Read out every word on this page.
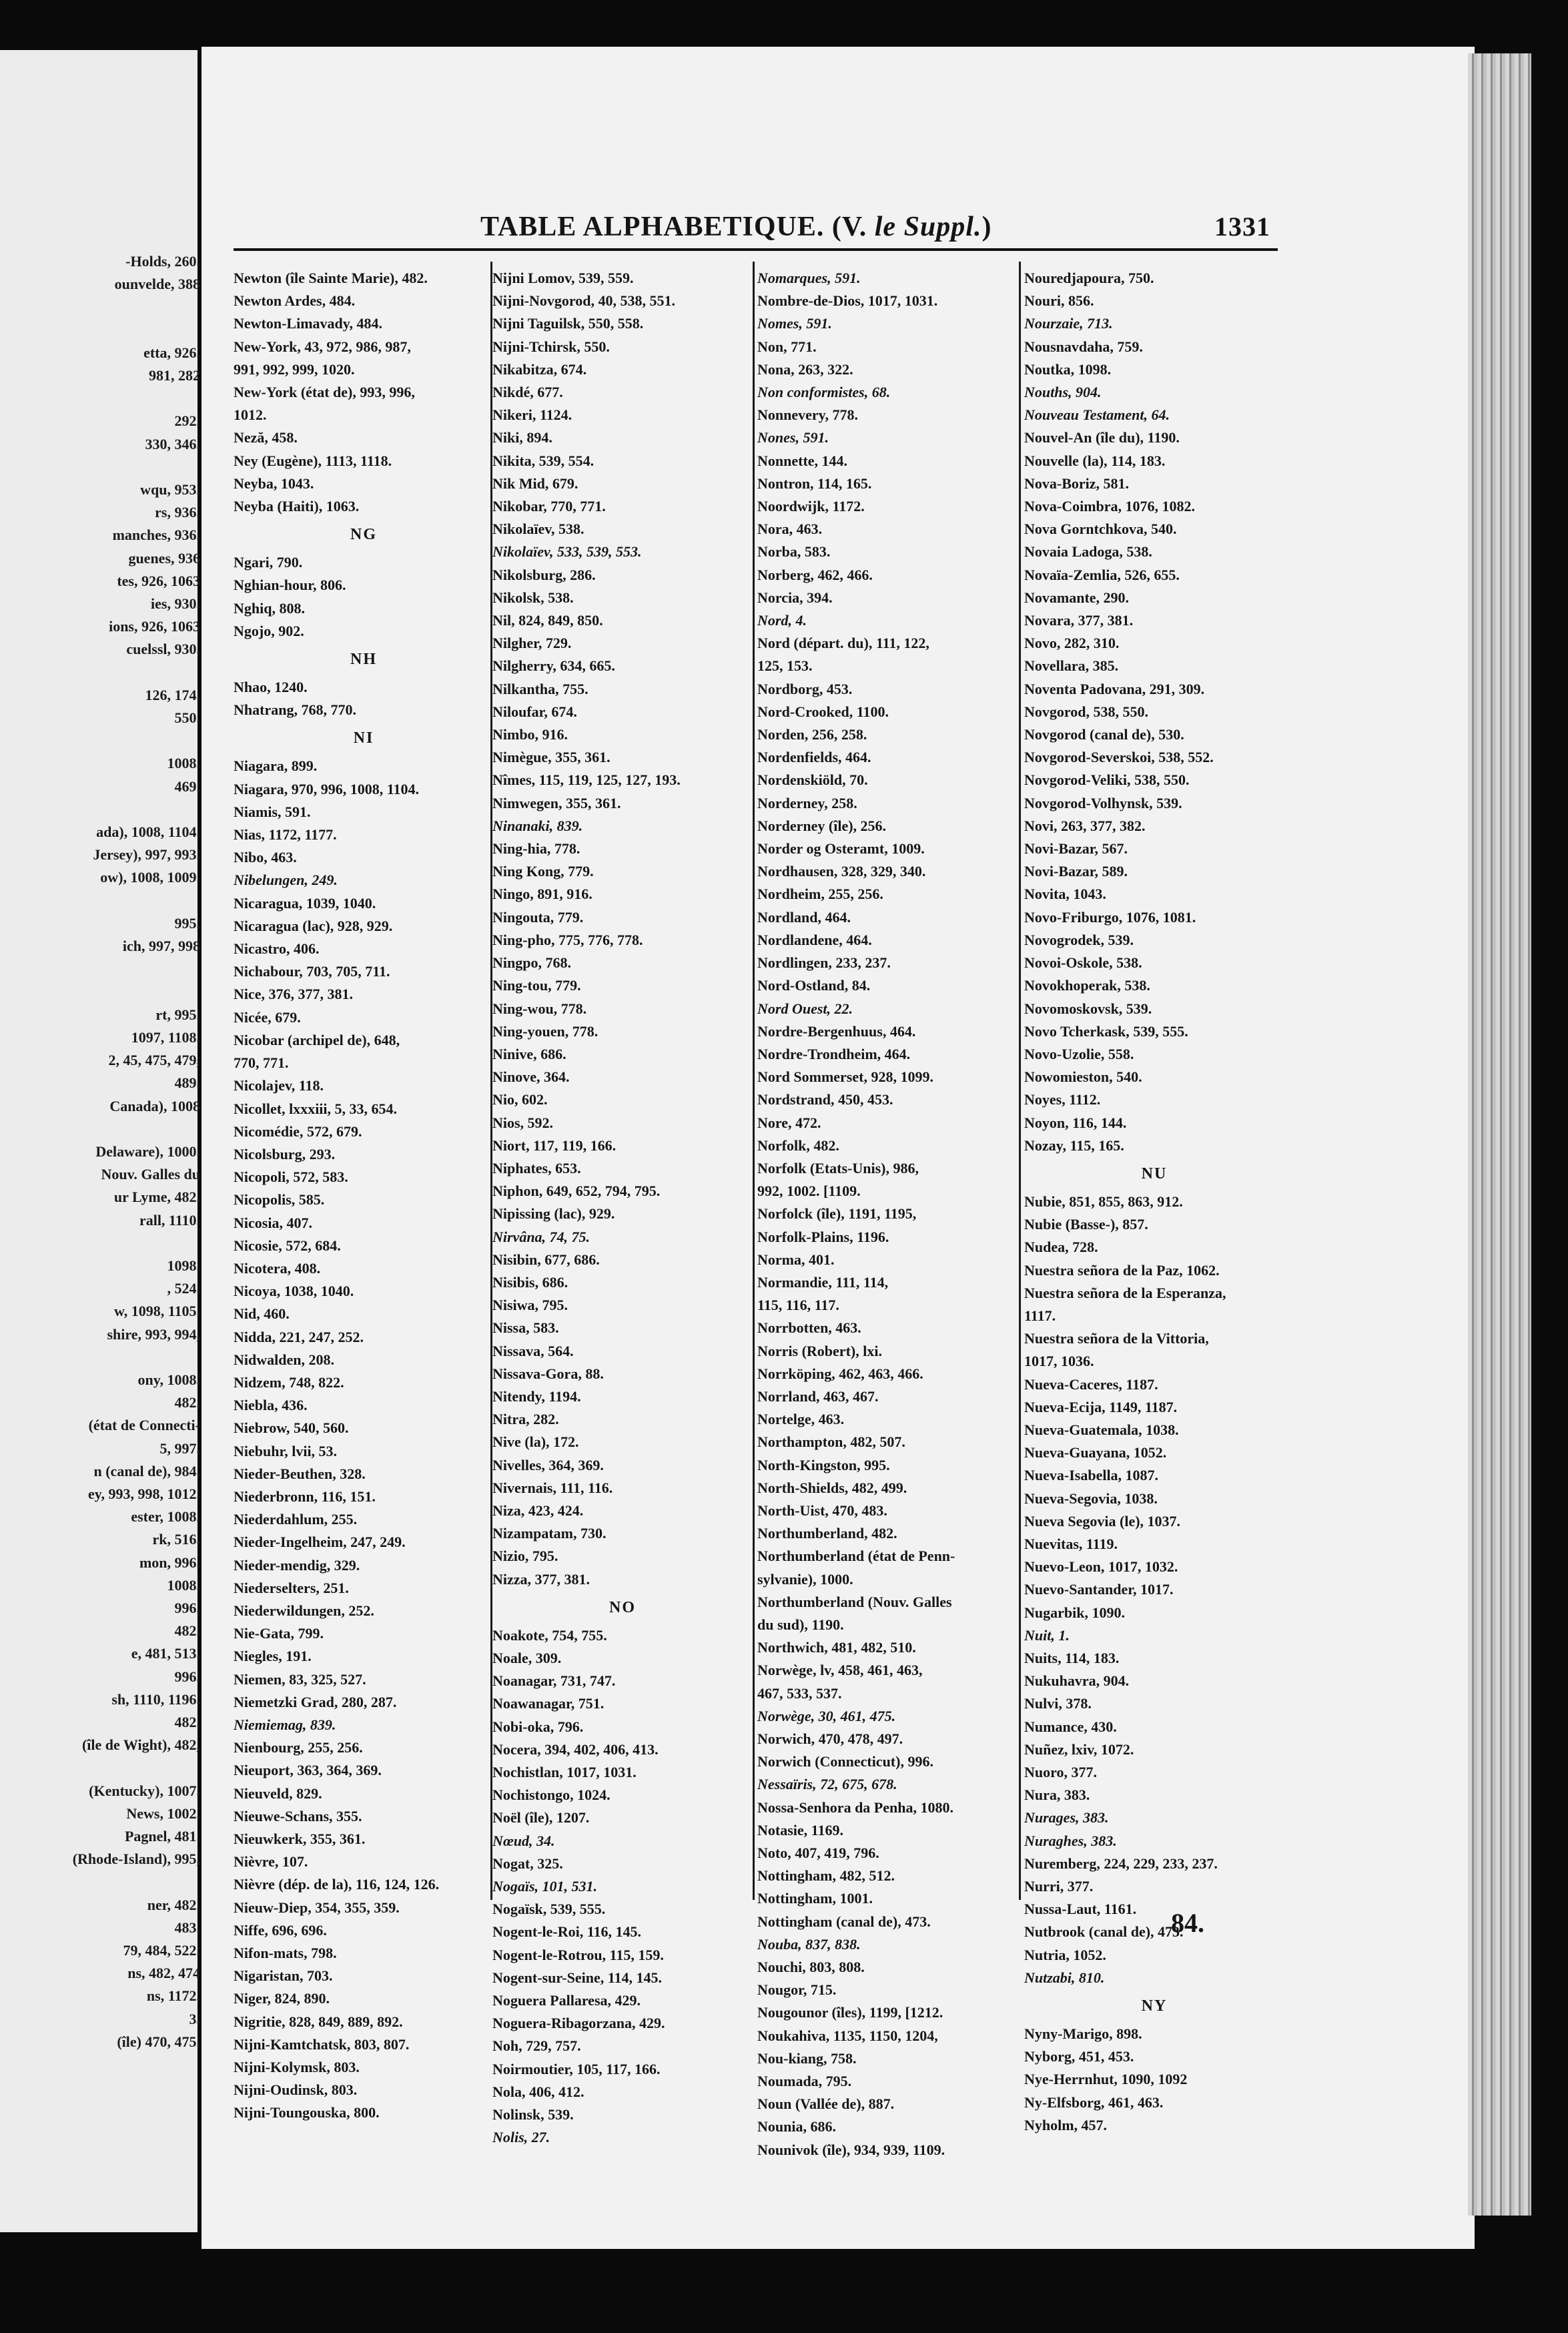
-Holds, 260.
ounvelde, 388

etta, 926.
981, 282

292.
330, 346.

wqu, 953.
rs, 936.
manches, 936.
guenes, 936
tes, 926, 1063
ies, 930.
ions, 926, 1063
cuelssl, 930.

126, 174.
550.

1008.
469.

ada), 1008, 1104.
Jersey), 997, 993.
ow), 1008, 1009.

995.
ich, 997, 998

rt, 995.
1097, 1108.
2, 45, 475, 479,
489.
Canada), 1008

Delaware), 1000.
Nouv. Galles du
ur Lyme, 482.
rall, 1110.

1098.
, 524.
w, 1098, 1105.
shire, 993, 994,

ony, 1008.
482.
(état de Connecti-
5, 997.
n (canal de), 984.
ey, 993, 998, 1012.
ester, 1008.
rk, 516.
mon, 996.
1008.
996.
482.
e, 481, 513.
996.
sh, 1110, 1196.
482.
(île de Wight), 482,

(Kentucky), 1007.
News, 1002.
Pagnel, 481.
(Rhode-Island), 995,

ner, 482.
483.
79, 484, 522.
ns, 482, 474
ns, 1172.
3.
(île) 470, 475.
TABLE ALPHABETIQUE. (V. le Suppl.)	1331
Newton (île Sainte Marie), 482.
Newton Ardes, 484.
Newton-Limavady, 484.
New-York, 43, 972, 986, 987,
991, 992, 999, 1020.
New-York (état de), 993, 996,
1012.
Neză, 458.
Ney (Eugène), 1113, 1118.
Neyba, 1043.
Neyba (Haiti), 1063.
NG
Ngari, 790.
Nghian-hour, 806.
Nghiq, 808.
Ngojo, 902.
NH
Nhao, 1240.
Nhatrang, 768, 770.
NI
Niagara, 899.
Niagara, 970, 996, 1008, 1104.
Niamis, 591.
Nias, 1172, 1177.
Nibo, 463.
Nibelungen, 249.
Nicaragua, 1039, 1040.
Nicaragua (lac), 928, 929.
Nicastro, 406.
Nichabour, 703, 705, 711.
Nice, 376, 377, 381.
Nicée, 679.
Nicobar (archipel de), 648,
770, 771.
Nicolajev, 118.
Nicollet, lxxxiii, 5, 33, 654.
Nicomédie, 572, 679.
Nicolsburg, 293.
Nicopoli, 572, 583.
Nicopolis, 585.
Nicosia, 407.
Nicosie, 572, 684.
Nicotera, 408.
Nicoya, 1038, 1040.
Nid, 460.
Nidda, 221, 247, 252.
Nidwalden, 208.
Nidzem, 748, 822.
Niebla, 436.
Niebrow, 540, 560.
Niebuhr, lvii, 53.
Nieder-Beuthen, 328.
Niederbronn, 116, 151.
Niederdahlum, 255.
Nieder-Ingelheim, 247, 249.
Nieder-mendig, 329.
Niederselters, 251.
Niederwildungen, 252.
Nie-Gata, 799.
Niegles, 191.
Niemen, 83, 325, 527.
Niemetzki Grad, 280, 287.
Niemiemag, 839.
Nienbourg, 255, 256.
Nieuport, 363, 364, 369.
Nieuveld, 829.
Nieuwe-Schans, 355.
Nieuwkerk, 355, 361.
Nièvre, 107.
Nièvre (dép. de la), 116, 124, 126.
Nieuw-Diep, 354, 355, 359.
Niffe, 696, 696.
Nifon-mats, 798.
Nigaristan, 703.
Niger, 824, 890.
Nigritie, 828, 849, 889, 892.
Nijni-Kamtchatsk, 803, 807.
Nijni-Kolymsk, 803.
Nijni-Oudinsk, 803.
Nijni-Toungouska, 800.
Nijni Lomov, 539, 559.
Nijni-Novgorod, 40, 538, 551.
Nijni Taguilsk, 550, 558.
Nijni-Tchirsk, 550.
Nikabitza, 674.
Nikdé, 677.
Nikeri, 1124.
Niki, 894.
Nikita, 539, 554.
Nik Mid, 679.
Nikobar, 770, 771.
Nikolaïev, 538.
Nikolaïev, 533, 539, 553.
Nikolsburg, 286.
Nikolsk, 538.
Nil, 824, 849, 850.
Nilgher, 729.
Nilgherry, 634, 665.
Nilkantha, 755.
Niloufar, 674.
Nimbo, 916.
Nimègue, 355, 361.
Nîmes, 115, 119, 125, 127, 193.
Nimwegen, 355, 361.
Ninanaki, 839.
Ning-hia, 778.
Ning Kong, 779.
Ningo, 891, 916.
Ningouta, 779.
Ning-pho, 775, 776, 778.
Ningpo, 768.
Ning-tou, 779.
Ning-wou, 778.
Ning-youen, 778.
Ninive, 686.
Ninove, 364.
Nio, 602.
Nios, 592.
Niort, 117, 119, 166.
Niphates, 653.
Niphon, 649, 652, 794, 795.
Nipissing (lac), 929.
Nirvâna, 74, 75.
Nisibin, 677, 686.
Nisibis, 686.
Nisiwa, 795.
Nissa, 583.
Nissava, 564.
Nissava-Gora, 88.
Nitendy, 1194.
Nitra, 282.
Nive (la), 172.
Nivelles, 364, 369.
Nivernais, 111, 116.
Niza, 423, 424.
Nizampatam, 730.
Nizio, 795.
Nizza, 377, 381.
NO
Noakote, 754, 755.
Noale, 309.
Noanagar, 731, 747.
Noawanagar, 751.
Nobi-oka, 796.
Nocera, 394, 402, 406, 413.
Nochistlan, 1017, 1031.
Nochistongo, 1024.
Noël (île), 1207.
Nœud, 34.
Nogat, 325.
Nogaïs, 101, 531.
Nogaïsk, 539, 555.
Nogent-le-Roi, 116, 145.
Nogent-le-Rotrou, 115, 159.
Nogent-sur-Seine, 114, 145.
Noguera Pallaresa, 429.
Noguera-Ribagorzana, 429.
Noh, 729, 757.
Noirmoutier, 105, 117, 166.
Nola, 406, 412.
Nolinsk, 539.
Nolis, 27.
Nomarques, 591.
Nombre-de-Dios, 1017, 1031.
Nomes, 591.
Non, 771.
Nona, 263, 322.
Non conformistes, 68.
Nonnevery, 778.
Nones, 591.
Nonnette, 144.
Nontron, 114, 165.
Noordwijk, 1172.
Nora, 463.
Norba, 583.
Norberg, 462, 466.
Norcia, 394.
Nord, 4.
Nord (départ. du), 111, 122,
125, 153.
Nordborg, 453.
Nord-Crooked, 1100.
Norden, 256, 258.
Nordenfields, 464.
Nordenskiöld, 70.
Norderney, 258.
Norderney (île), 256.
Norder og Osteramt, 1009.
Nordhausen, 328, 329, 340.
Nordheim, 255, 256.
Nordland, 464.
Nordlandene, 464.
Nordlingen, 233, 237.
Nord-Ostland, 84.
Nord Ouest, 22.
Nordre-Bergenhuus, 464.
Nordre-Trondheim, 464.
Nord Sommerset, 928, 1099.
Nordstrand, 450, 453.
Nore, 472.
Norfolk, 482.
Norfolk (Etats-Unis), 986,
992, 1002. [1109.
Norfolck (île), 1191, 1195,
Norfolk-Plains, 1196.
Norma, 401.
Normandie, 111, 114,
115, 116, 117.
Norrbotten, 463.
Norris (Robert), lxi.
Norrköping, 462, 463, 466.
Norrland, 463, 467.
Nortelge, 463.
Northampton, 482, 507.
North-Kingston, 995.
North-Shields, 482, 499.
North-Uist, 470, 483.
Northumberland, 482.
Northumberland (état de Penn-
sylvanie), 1000.
Northumberland (Nouv. Galles
du sud), 1190.
Northwich, 481, 482, 510.
Norwège, lv, 458, 461, 463,
467, 533, 537.
Norwège, 30, 461, 475.
Norwich, 470, 478, 497.
Norwich (Connecticut), 996.
Nessaïris, 72, 675, 678.
Nossa-Senhora da Penha, 1080.
Notasie, 1169.
Noto, 407, 419, 796.
Nottingham, 482, 512.
Nottingham, 1001.
Nottingham (canal de), 473.
Nouba, 837, 838.
Nouchi, 803, 808.
Nougor, 715.
Nougounor (îles), 1199, [1212.
Noukahiva, 1135, 1150, 1204,
Nou-kiang, 758.
Noumada, 795.
Noun (Vallée de), 887.
Nounia, 686.
Nounivok (île), 934, 939, 1109.
Nouredjapoura, 750.
Nouri, 856.
Nourzaie, 713.
Nousnavdaha, 759.
Noutka, 1098.
Nouths, 904.
Nouveau Testament, 64.
Nouvel-An (île du), 1190.
Nouvelle (la), 114, 183.
Nova-Boriz, 581.
Nova-Coimbra, 1076, 1082.
Nova Gorntchkova, 540.
Novaia Ladoga, 538.
Novaïa-Zemlia, 526, 655.
Novamante, 290.
Novara, 377, 381.
Novo, 282, 310.
Novellara, 385.
Noventa Padovana, 291, 309.
Novgorod, 538, 550.
Novgorod (canal de), 530.
Novgorod-Severskoi, 538, 552.
Novgorod-Veliki, 538, 550.
Novgorod-Volhynsk, 539.
Novi, 263, 377, 382.
Novi-Bazar, 567.
Novi-Bazar, 589.
Novita, 1043.
Novo-Friburgo, 1076, 1081.
Novogrodek, 539.
Novoi-Oskole, 538.
Novokhoperak, 538.
Novomoskovsk, 539.
Novo Tcherkask, 539, 555.
Novo-Uzolie, 558.
Nowomieston, 540.
Noyes, 1112.
Noyon, 116, 144.
Nozay, 115, 165.
NU
Nubie, 851, 855, 863, 912.
Nubie (Basse-), 857.
Nudea, 728.
Nuestra señora de la Paz, 1062.
Nuestra señora de la Esperanza,
1117.
Nuestra señora de la Vittoria,
1017, 1036.
Nueva-Caceres, 1187.
Nueva-Ecija, 1149, 1187.
Nueva-Guatemala, 1038.
Nueva-Guayana, 1052.
Nueva-Isabella, 1087.
Nueva-Segovia, 1038.
Nueva Segovia (le), 1037.
Nuevitas, 1119.
Nuevo-Leon, 1017, 1032.
Nuevo-Santander, 1017.
Nugarbik, 1090.
Nuit, 1.
Nuits, 114, 183.
Nukuhavra, 904.
Nulvi, 378.
Numance, 430.
Nuñez, lxiv, 1072.
Nuoro, 377.
Nura, 383.
Nurages, 383.
Nuraghes, 383.
Nuremberg, 224, 229, 233, 237.
Nurri, 377.
Nussa-Laut, 1161.
Nutbrook (canal de), 473.
Nutria, 1052.
Nutzabi, 810.
NY
Nyny-Marigo, 898.
Nyborg, 451, 453.
Nye-Herrnhut, 1090, 1092
Ny-Elfsborg, 461, 463.
Nyholm, 457.
84.
